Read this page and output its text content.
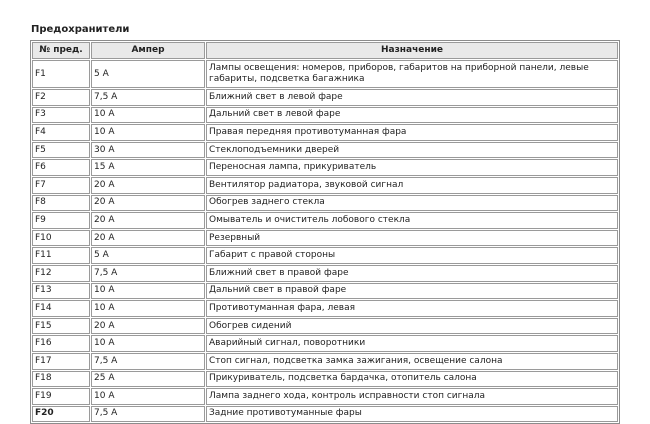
Предохранители
№ пред.	Ампер	Назначение
F1	5 A	Лампы освещения: номеров, приборов, габаритов на приборной панели, левые габариты, подсветка багажника
F2	7,5 A	Ближний свет в левой фаре
F3	10 A	Дальний свет в левой фаре
F4	10 A	Правая передняя противотуманная фара
F5	30 A	Стеклоподъемники дверей
F6	15 A	Переносная лампа, прикуриватель
F7	20 A	Вентилятор радиатора, звуковой сигнал
F8	20 A	Обогрев заднего стекла
F9	20 A	Омыватель и очиститель лобового стекла
F10	20 A	Резервный
F11	5 A	Габарит с правой стороны
F12	7,5 A	Ближний свет в правой фаре
F13	10 A	Дальний свет в правой фаре
F14	10 A	Противотуманная фара, левая
F15	20 A	Обогрев сидений
F16	10 A	Аварийный сигнал, поворотники
F17	7,5 A	Стоп сигнал, подсветка замка зажигания, освещение салона
F18	25 A	Прикуриватель, подсветка бардачка, отопитель салона
F19	10 A	Лампа заднего хода, контроль исправности стоп сигнала
F20	7,5 A	Задние противотуманные фары
